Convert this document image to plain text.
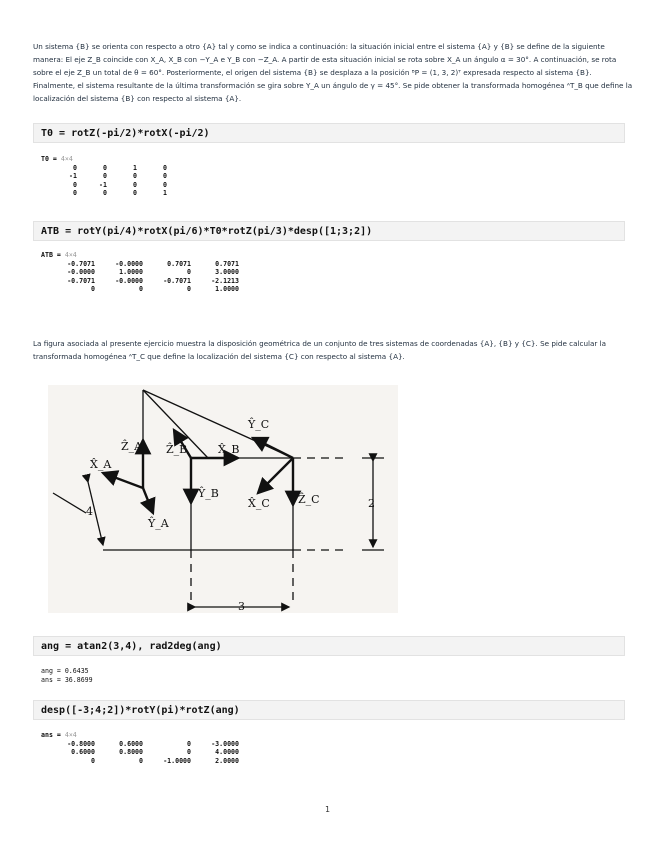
Un sistema {B} se orienta con respecto a otro {A} tal y como se indica a continuación: la situación inicial entre el sistema {A} y {B} se define de la siguiente manera: El eje Z_B coincide con X_A, X_B con −Y_A e Y_B con −Z_A. A partir de esta situación inicial se rota sobre X_A un ángulo α = 30°. A continuación, se rota sobre el eje Z_B un total de θ = 60°. Posteriormente, el origen del sistema {B} se desplaza a la posición ᴮP = (1, 3, 2)ᵀ expresada respecto al sistema {B}. Finalmente, el sistema resultante de la última transformación se gira sobre Y_A un ángulo de γ = 45°. Se pide obtener la transformada homogénea ᴬT_B que define la localización del sistema {B} con respecto al sistema {A}.
T0 = rotZ(-pi/2)*rotX(-pi/2)
T0 = 4×4
0	0	1	0
-1	0	0	0
0	-1	0	0
0	0	0	1
ATB = rotY(pi/4)*rotX(pi/6)*T0*rotZ(pi/3)*desp([1;3;2])
ATB = 4×4
-0.7071	-0.0000	0.7071	0.7071
-0.0000	1.0000	0	3.0000
-0.7071	-0.0000	-0.7071	-2.1213
0	0	0	1.0000
La figura asociada al presente ejercicio muestra la disposición geométrica de un conjunto de tres sistemas de coordenadas {A}, {B} y {C}. Se pide calcular la transformada homogénea ᴬT_C que define la localización del sistema {C} con respecto al sistema {A}.
Ẑ_A
X̂_A
Ŷ_A
Ẑ_B	X̂_B
Ŷ_B
Ŷ_C
X̂_C	Ẑ_C
4
2
3
ang = atan2(3,4), rad2deg(ang)
ang = 0.6435
ans = 36.8699
desp([-3;4;2])*rotY(pi)*rotZ(ang)
ans = 4×4
-0.8000	0.6000	0	-3.0000
0.6000	0.8000	0	4.0000
0	0	-1.0000	2.0000
1
